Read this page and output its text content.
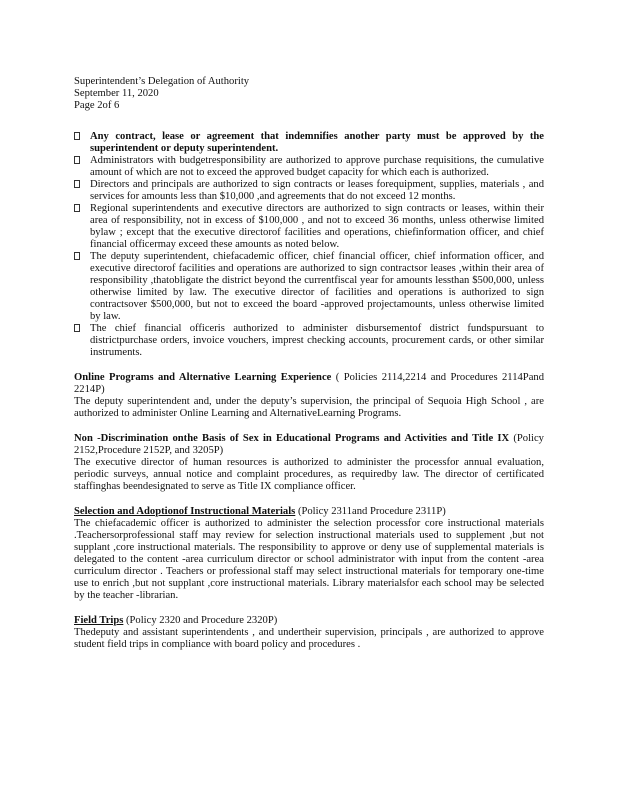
Superintendent’s Delegation of Authority
September 11, 2020
Page 2of 6
Any contract, lease or agreement that indemnifies another party must be approved by the superintendent or deputy superintendent.
Administrators with budgetresponsibility are authorized to approve purchase requisitions, the cumulative amount of which are not to exceed the approved budget capacity for which each is authorized.
Directors and principals are authorized to sign contracts or leases forequipment, supplies, materials , and services for amounts less than $10,000 ,and agreements that do not exceed 12 months.
Regional superintendents and executive directors are authorized to sign contracts or leases, within their area of responsibility, not in excess of $100,000 , and not to exceed 36 months, unless otherwise limited bylaw ; except that the executive directorof facilities and operations, chiefinformation officer, and chief financial officermay exceed these amounts as noted below.
The deputy superintendent, chiefacademic officer, chief financial officer, chief information officer, and executive directorof facilities and operations are authorized to sign contractsor leases ,within their area of responsibility ,thatobligate the district beyond the currentfiscal year for amounts lessthan $500,000, unless otherwise limited by law. The executive director of facilities and operations is authorized to sign contractsover $500,000, but not to exceed the board -approved projectamounts, unless otherwise limited by law.
The chief financial officeris authorized to administer disbursementof district fundspursuant to districtpurchase orders, invoice vouchers, imprest checking accounts, procurement cards, or other similar instruments.
Online Programs and Alternative Learning Experience ( Policies 2114,2214 and Procedures 2114Pand 2214P)
The deputy superintendent and, under the deputy’s supervision, the principal of Sequoia High School , are authorized to administer Online Learning and AlternativeLearning Programs.
Non -Discrimination onthe Basis of Sex in Educational Programs and Activities and Title IX (Policy 2152,Procedure 2152P, and 3205P)
The executive director of human resources is authorized to administer the processfor annual evaluation, periodic surveys, annual notice and complaint procedures, as requiredby law. The director of certificated staffinghas beendesignated to serve as Title IX compliance officer.
Selection and Adoptionof Instructional Materials (Policy 2311and Procedure 2311P)
The chiefacademic officer is authorized to administer the selection processfor core instructional materials .Teachersorprofessional staff may review for selection instructional materials used to supplement ,but not supplant ,core instructional materials. The responsibility to approve or deny use of supplemental materials is delegated to the content -area curriculum director or school administrator with input from the content -area curriculum director . Teachers or professional staff may select instructional materials for temporary one-time use to enrich ,but not supplant ,core instructional materials. Library materialsfor each school may be selected by the teacher -librarian.
Field Trips (Policy 2320 and Procedure 2320P)
Thedeputy and assistant superintendents , and undertheir supervision, principals , are authorized to approve student field trips in compliance with board policy and procedures .
